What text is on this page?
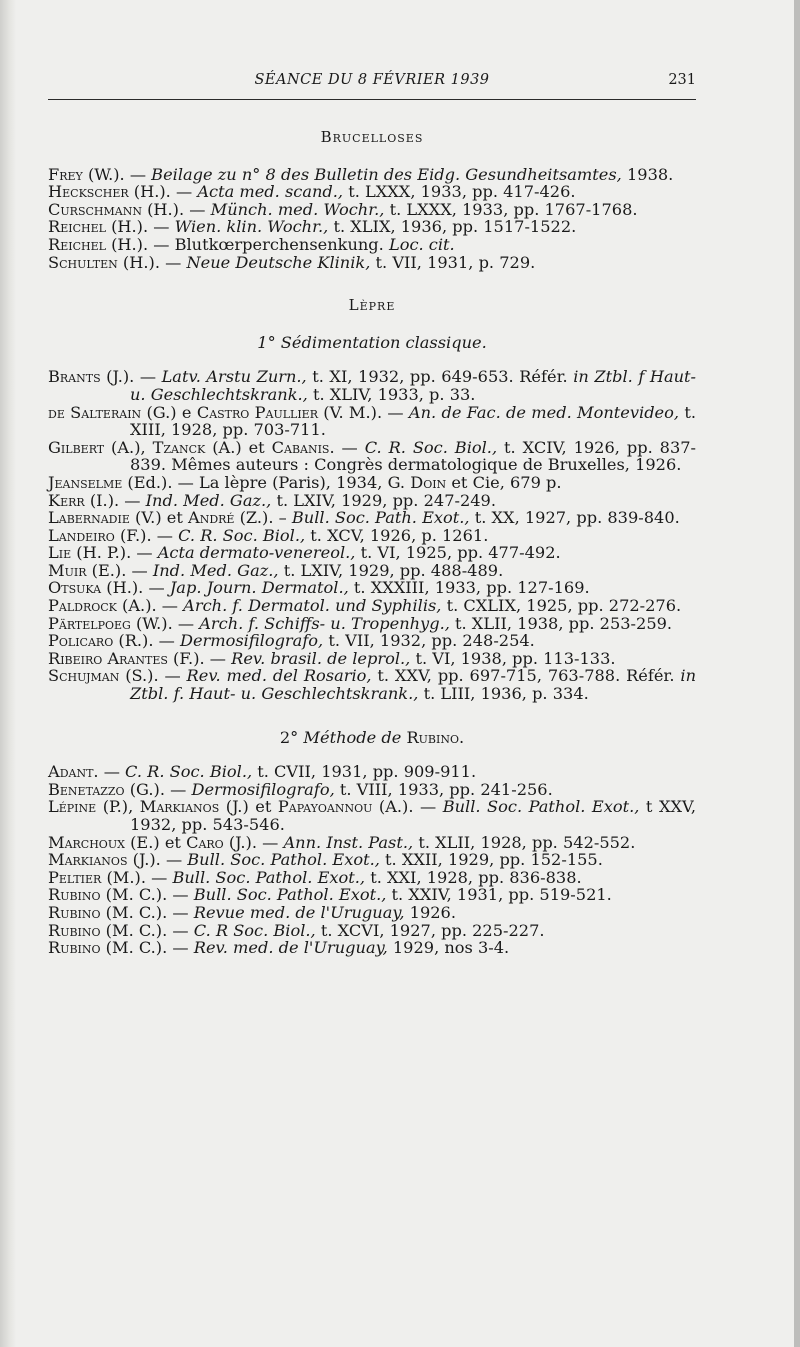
SÉANCE DU 8 FÉVRIER 1939	231
Brucelloses

Frey (W.). — Beilage zu n° 8 des Bulletin des Eidg. Gesundheitsamtes, 1938.

Heckscher (H.). — Acta med. scand., t. LXXX, 1933, pp. 417-426.

Curschmann (H.). — Münch. med. Wochr., t. LXXX, 1933, pp. 1767-1768.

Reichel (H.). — Wien. klin. Wochr., t. XLIX, 1936, pp. 1517-1522.

Reichel (H.). — Blutkœrperchensenkung. Loc. cit.

Schulten (H.). — Neue Deutsche Klinik, t. VII, 1931, p. 729.

Lèpre
1° Sédimentation classique.

Brants (J.). — Latv. Arstu Zurn., t. XI, 1932, pp. 649-653. Référ. in Ztbl. f Haut- u. Geschlechtskrank., t. XLIV, 1933, p. 33.

de Salterain (G.) e Castro Paullier (V. M.). — An. de Fac. de med. Montevideo, t. XIII, 1928, pp. 703-711.

Gilbert (A.), Tzanck (A.) et Cabanis. — C. R. Soc. Biol., t. XCIV, 1926, pp. 837-839. Mêmes auteurs : Congrès dermatologique de Bruxelles, 1926.

Jeanselme (Ed.). — La lèpre (Paris), 1934, G. Doin et Cie, 679 p.

Kerr (I.). — Ind. Med. Gaz., t. LXIV, 1929, pp. 247-249.

Labernadie (V.) et André (Z.). – Bull. Soc. Path. Exot., t. XX, 1927, pp. 839-840.

Landeiro (F.). — C. R. Soc. Biol., t. XCV, 1926, p. 1261.

Lie (H. P.). — Acta dermato-venereol., t. VI, 1925, pp. 477-492.

Muir (E.). — Ind. Med. Gaz., t. LXIV, 1929, pp. 488-489.

Otsuka (H.). — Jap. Journ. Dermatol., t. XXXIII, 1933, pp. 127-169.

Paldrock (A.). — Arch. f. Dermatol. und Syphilis, t. CXLIX, 1925, pp. 272-276.

Pärtelpoeg (W.). — Arch. f. Schiffs- u. Tropenhyg., t. XLII, 1938, pp. 253-259.

Policaro (R.). — Dermosifilografo, t. VII, 1932, pp. 248-254.

Ribeiro Arantes (F.). — Rev. brasil. de leprol., t. VI, 1938, pp. 113-133.

Schujman (S.). — Rev. med. del Rosario, t. XXV, pp. 697-715, 763-788. Référ. in Ztbl. f. Haut- u. Geschlechtskrank., t. LIII, 1936, p. 334.

2° Méthode de Rubino.

Adant. — C. R. Soc. Biol., t. CVII, 1931, pp. 909-911.

Benetazzo (G.). — Dermosifilografo, t. VIII, 1933, pp. 241-256.

Lépine (P.), Markianos (J.) et Papayoannou (A.). — Bull. Soc. Pathol. Exot., t XXV, 1932, pp. 543-546.

Marchoux (E.) et Caro (J.). — Ann. Inst. Past., t. XLII, 1928, pp. 542-552.

Markianos (J.). — Bull. Soc. Pathol. Exot., t. XXII, 1929, pp. 152-155.

Peltier (M.). — Bull. Soc. Pathol. Exot., t. XXI, 1928, pp. 836-838.

Rubino (M. C.). — Bull. Soc. Pathol. Exot., t. XXIV, 1931, pp. 519-521.

Rubino (M. C.). — Revue med. de l'Uruguay, 1926.

Rubino (M. C.). — C. R Soc. Biol., t. XCVI, 1927, pp. 225-227.

Rubino (M. C.). — Rev. med. de l'Uruguay, 1929, nos 3-4.
